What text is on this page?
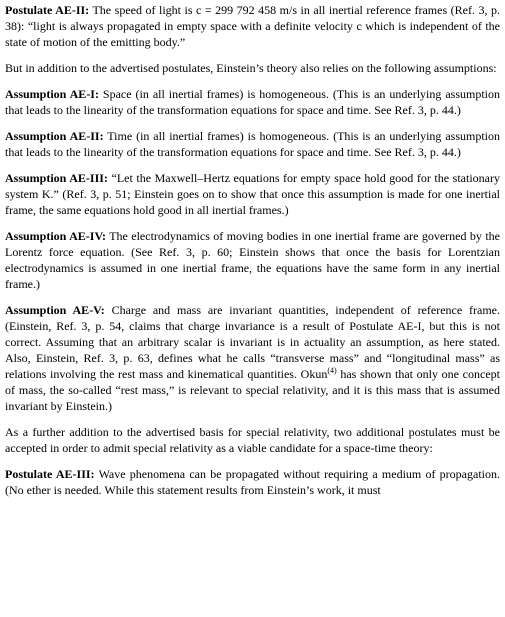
Postulate AE-II: The speed of light is c = 299 792 458 m/s in all inertial reference frames (Ref. 3, p. 38): “light is always propagated in empty space with a definite velocity c which is independent of the state of motion of the emitting body.”

But in addition to the advertised postulates, Einstein’s theory also relies on the following assumptions:

Assumption AE-I: Space (in all inertial frames) is homogeneous. (This is an underlying assumption that leads to the linearity of the transformation equations for space and time. See Ref. 3, p. 44.)

Assumption AE-II: Time (in all inertial frames) is homogeneous. (This is an underlying assumption that leads to the linearity of the transformation equations for space and time. See Ref. 3, p. 44.)

Assumption AE-III: “Let the Maxwell–Hertz equations for empty space hold good for the stationary system K.” (Ref. 3, p. 51; Einstein goes on to show that once this assumption is made for one inertial frame, the same equations hold good in all inertial frames.)

Assumption AE-IV: The electrodynamics of moving bodies in one inertial frame are governed by the Lorentz force equation. (See Ref. 3, p. 60; Einstein shows that once the basis for Lorentzian electrodynamics is assumed in one inertial frame, the equations have the same form in any inertial frame.)

Assumption AE-V: Charge and mass are invariant quantities, independent of reference frame. (Einstein, Ref. 3, p. 54, claims that charge invariance is a result of Postulate AE-I, but this is not correct. Assuming that an arbitrary scalar is invariant is in actuality an assumption, as here stated. Also, Einstein, Ref. 3, p. 63, defines what he calls “transverse mass” and “longitudinal mass” as relations involving the rest mass and kinematical quantities. Okun$^{(4)}$ has shown that only one concept of mass, the so-called “rest mass,” is relevant to special relativity, and it is this mass that is assumed invariant by Einstein.)

As a further addition to the advertised basis for special relativity, two additional postulates must be accepted in order to admit special relativity as a viable candidate for a space-time theory:

Postulate AE-III: Wave phenomena can be propagated without requiring a medium of propagation. (No ether is needed. While this statement results from Einstein’s work, it must
